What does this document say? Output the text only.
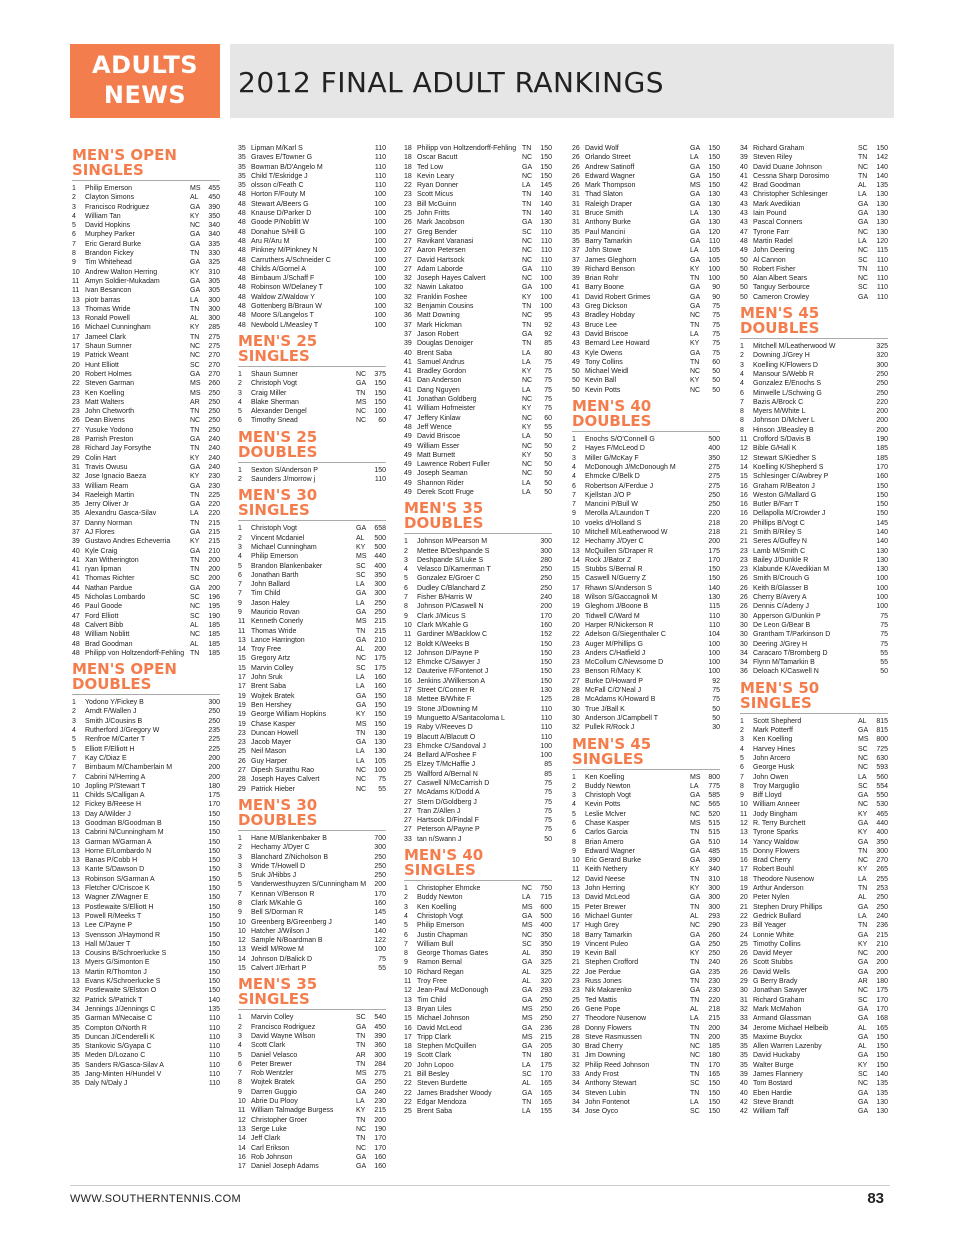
ADULTS
NEWS	2012 FINAL ADULT RANKINGS
MEN'S OPEN SINGLES
1	Philip Emerson	MS 455
2	Clayton Simons	AL 450
3	Francisco Rodriguez	GA 390
4	William Tan	KY 350
5	David Hopkins	NC 340
6	Murphey Parker	GA 340
7	Eric Gerard Burke	GA 335
8	Brandon Fickey	TN 330
9	Tim Whitehead	GA 325
10 Andrew Walton Herring	KY 310
11 Amyn Soldier-Mukadam	GA 305
11 Ivan Besancon	GA 305
13 piotr barras	LA 300
13 Thomas Wride	TN 300
13 Ronald Powell	AL 300
16 Michael Cunningham	KY 285
17 Jameel Clark	TN 275
17 Shaun Sumner	NC 275
19 Patrick Weant	NC 270
20 Hunt Elliott	SC 270
20 Robert Holmes	GA 270
22 Steven Garman	MS 260
23 Ken Koelling	MS 250
23 Matt Walters	AR 250
23 John Chetworth	TN 250
26 Dean Bivens	NC 250
27 Yusuke Yodono	TN 250
28 Parrish Preston	GA 240
28 Richard Jay Forsythe	TN 240
29 Colin Hart	KY 240
31 Travis Owusu	GA 240
32 Jose Ignacio Baeza	KY 230
33 William Ream	GA 230
34 Raeleigh Martin	TN 225
35 Jerry Oliver Jr	GA 220
35 Alexandru Gasca-Silav	LA 220
37 Danny Norman	TN 215
37 AJ Flores	GA 215
39 Gustavo Andres Echeverria	KY 215
40 Kyle Craig	GA 210
41 Xan Witherington	TN 200
41 ryan lipman	TN 200
41 Thomas Richter	SC 200
44 Nathan Pardue	GA 200
45 Nicholas Lombardo	SC 196
46 Paul Goode	NC 195
47 Ford Elliott	SC 190
48 Calvert Bibb	AL 185
48 William Noblitt	NC 185
48 Brad Goodman	AL 185
48 Philipp von Holtzendorff-Fehling TN 185
MEN'S OPEN DOUBLES
1	Yodono Y/Fickey B	300
2	Arndt F/Wallen J	250
3	Smith J/Cousins B	250
4	Rutherford J/Gregory W	235
5	Renfroe M/Carter T	225
5	Elliott F/Elliott H	225
7	Kay C/Diaz E	200
7	Birnbaum M/Chamberlain M	200
7	Cabrini N/Herring A	200
10 Jopling P/Stewart T	180
11 Childs S/Calligan A	175
12 Fickey B/Reese H	170
13 Day A/Wilder J	150
13 Goodman B/Goodman B	150
13 Cabrini N/Cunningham M	150
13 Garman M/Garman A	150
13 Horne E/Lombardo N	150
13 Banas P/Cobb H	150
13 Kante S/Dawson D	150
13 Robinson S/Garman A	150
13 Fletcher C/Criscoe K	150
13 Wagner Z/Wagner E	150
13 Postlewaite S/Elliott H	150
13 Powell R/Meeks T	150
13 Lee C/Payne P	150
13 Svensson J/Haymond R	150
13 Hall M/Jauer T	150
13 Cousins B/Schroerlucke S	150
13 Myers G/Simonton E	150
13 Martin R/Thornton J	150
13 Evans K/Schroerlucke S	150
32 Postlewaite S/Elston O	150
32 Patrick S/Patrick T	140
34 Jennings J/Jennings C	135
35 Garman M/Necaise C	110
35 Compton O/North R	110
35 Duncan J/Cenderelli K	110
35 Stankovic S/Gyapa C	110
35 Meden D/Lozano C	110
35 Sanders R/Gasca-Silav A	110
35 Jang-Minten H/Hundel V	110
35 Daly N/Daly J	110
35 Lipman M/Karl S	110
35 Graves E/Towner G	110
35 Bowman B/D'Angelo M	110
35 Child T/Eskridge J	110
35 olsson c/Feath C	110
48 Horton F/Fouty M	100
48 Stewart A/Beers G	100
48 Knause D/Parker D	100
48 Goode P/Noblitt W	100
48 Donahue S/Hill G	100
48 Aru R/Aru M	100
48 Pinkney M/Pinkney N	100
48 Carruthers A/Schneider C	100
48 Childs A/Gornel A	100
48 Birnbaum J/Schaff F	100
48 Robinson W/Delaney T	100
48 Waldow Z/Waldow Y	100
48 Gottenberg B/Braun W	100
48 Moore S/Langelos T	100
48 Newbold L/Measley T	100
MEN'S 25 SINGLES
1	Shaun Sumner	NC 375
2	Christoph Vogt	GA 150
3	Craig Miller	TN 150
4	Blake Sherman	MS 150
5	Alexander Dengel	NC 100
6	Timothy Snead	NC 60
MEN'S 25 DOUBLES
1	Sexton S/Anderson P	150
2	Saunders J/morrow j	110
MEN'S 30 SINGLES
1	Christoph Vogt	GA 658
2	Vincent Mcdaniel	AL 500
3	Michael Cunningham	KY 500
4	Philip Emerson	MS 440
5	Brandon Blankenbaker	SC 400
6	Jonathan Barth	SC 350
7	John Ballard	LA 300
7	Tim Child	GA 300
9	Jason Haley	LA 250
9	Mauricio Rovan	GA 250
11 Kenneth Conerly	MS 215
11 Thomas Wride	TN 215
13 Lance Harrington	GA 210
14 Troy Free	AL 200
15 Gregory Artz	NC 175
15 Marvin Colley	SC 175
17 John Sruk	LA 160
17 Brent Saba	LA 160
19 Wojtek Bratek	GA 150
19 Ben Hershey	GA 150
19 George William Hopkins	KY 150
19 Chase Kasper	MS 150
23 Duncan Howell	TN 130
23 Jacob Mayer	GA 130
25 Neil Mason	LA 130
26 Guy Harper	LA 105
27 Dipesh Surathu Rao	NC 100
28 Joseph Hayes Calvert	NC 75
29 Patrick Hieber	NC 55
MEN'S 30 DOUBLES
1	Hane M/Blankenbaker B	700
2	Hechamy J/Dyer C	300
3	Blanchard Z/Nicholson B	250
3	Wride T/Howell D	250
5	Sruk J/Hibbs J	250
5	Vanderwesthuyzen S/Cunningham M 200
7	Kennan V/Benson R	170
8	Clark M/Kahle G	160
9	Bell S/Dorman R	145
10 Greenberg B/Greenberg J	140
10 Hatcher J/Wilson J	140
12 Sample N/Boardman B	122
13 Weidl M/Rowe M	100
14 Johnson D/Balick D	75
15 Calvert J/Erhart P	55
MEN'S 35 SINGLES
1	Marvin Colley	SC 540
2	Francisco Rodriguez	GA 450
3	David Wayne Wilson	TN 390
4	Scott Clark	TN 360
5	Daniel Velasco	AR 300
6	Peter Brewer	TN 284
7	Rob Wentzler	MS 275
8	Wojtek Bratek	GA 250
9	Darren Guggio	GA 240
10 Abrie Du Plooy	LA 230
11 William Talmadge Burgess	KY 215
12 Christopher Groer	TN 200
13 Serge Luke	NC 190
14 Jeff Clark	TN 170
14 Carl Erikson	NC 170
16 Rob Johnson	GA 160
17 Daniel Joseph Adams	GA 160
18 Philipp von Holtzendorff-Fehling TN 150
18 Oscar Bacutt	NC 150
18 Ted Low	GA 150
18 Kevin Leary	NC 150
22 Ryan Donner	LA 145
23 Scott Micus	TN 140
23 Bill McGuinn	TN 140
25 John Fritts	TN 140
26 Mark Jacobson	GA 130
27 Greg Bender	SC 110
27 Ravikant Varanasi	NC 110
27 Aaron Petersen	NC 110
27 David Hartsock	NC 110
27 Adam Laborde	GA 110
32 Joseph Hayes Calvert	NC 100
32 Nawin Lakatoo	GA 100
32 Franklin Foshee	KY 100
32 Benjamin Cousins	TN 100
36 Matt Downing	NC 95
37 Mark Hickman	TN 92
37 Jason Robert	GA 92
39 Douglas Denoiger	TN 85
40 Brent Saba	LA 80
41 Samuel Andrus	LA 75
41 Bradley Gordon	KY 75
41 Dan Anderson	NC 75
41 Dang Nguyen	LA 75
41 Jonathan Goldberg	NC 75
41 William Hofmeister	KY 75
47 Jeffery Kinlaw	NC 60
48 Jeff Wence	KY 55
49 David Briscoe	LA 50
49 William Esser	NC 50
49 Matt Burnett	KY 50
49 Lawrence Robert Fuller	NC 50
49 Joseph Seaman	NC 50
49 Shannon Rider	LA 50
49 Derek Scott Fruge	LA 50
MEN'S 35 DOUBLES
1	Johnson M/Pearson M	300
2	Mettee B/Deshpande S	300
3	Deshpande S/Luke S	280
4	Velasco D/Kamerman T	250
5	Gonzalez E/Groer C	250
6	Dudley C/Blanchard Z	250
7	Fisher B/Harris W	240
8	Johnson P/Caswell N	200
9	Clark J/Micus S	170
10 Clark M/Kahle G	160
11 Gardiner M/Backlow C	152
12 Boldt K/Weeks B	150
12 Johnson D/Payne P	150
12 Ehmcke C/Sawyer J	150
12 Dauterive F/Fontenot J	150
16 Jenkins J/Wilkerson A	150
17 Street C/Conner R	130
18 Mettee B/White F	125
19 Stone J/Downing M	110
19 Munguetto A/Santacoloma L	110
19 Raby V/Reeves D	110
19 Blacutt A/Blacutt O	110
23 Ehmcke C/Sandoval J	100
24 Bellard A/Foshee F	100
25 Elzey T/McHaffie J	85
25 Wallford A/Bernal N	85
27 Caswell N/McCarrish D	75
27 McAdams K/Dodd A	75
27 Stern D/Goldberg J	75
27 Tran Z/Allen J	75
27 Hartsock D/Findal F	75
27 Peterson A/Payne P	75
33 tan n/Swann J	50
MEN'S 40 SINGLES
1	Christopher Ehmcke	NC 750
2	Buddy Newton	LA 715
3	Ken Koelling	MS 600
4	Christoph Vogt	GA 500
5	Philip Emerson	MS 400
6	Justin Chapman	NC 350
7	William Bull	SC 350
8	George Thomas Gates	AL 350
9	Ramon Bernal	GA 325
10 Richard Regan	AL 325
11 Troy Free	AL 320
12 Jean-Paul McDonough	GA 293
13 Tim Child	GA 250
13 Bryan Liles	MS 250
15 Michael Johnson	MS 250
16 David McLeod	GA 236
17 Tripp Clark	MS 215
18 Stephen McQuillen	GA 205
19 Scott Clark	TN 180
20 John Lopoo	LA 175
21 Bill Besley	SC 170
22 Steven Burdette	AL 165
22 James Bradsher Woody	GA 165
22 Edgar Mendoza	TN 165
25 Brent Saba	LA 155
26 David Wolf	GA 150
26 Orlando Street	LA 150
26 Andrew Satinoff	GA 150
26 Edward Wagner	GA 150
26 Mark Thompson	MS 150
31 Thad Slaton	GA 130
31 Raleigh Draper	GA 130
31 Bruce Smith	LA 130
31 Anthony Burke	GA 130
35 Paul Mancini	GA 120
35 Barry Tamarkin	GA 110
37 John Stowe	LA 105
37 James Gleghorn	GA 105
39 Richard Benson	KY 100
39 Brian Rohr	TN 100
41 Barry Boone	GA 90
41 David Robert Grimes	GA 90
43 Greg Dickson	GA 75
43 Bradley Hobday	NC 75
43 Bruce Lee	TN 75
43 David Briscoe	LA 75
43 Bernard Lee Howard	KY 75
43 Kyle Owens	GA 75
49 Tony Collins	TN 60
50 Michael Weidl	NC 50
50 Kevin Ball	KY 50
50 Kevin Potts	NC 50
MEN'S 40 DOUBLES
1	Enochs S/O'Connell G	500
2	Hayes F/McLeod D	400
3	Miller G/McKay F	350
4	McDonough J/McDonough M	275
4	Ehmcke C/Belk D	275
6	Robertson A/Ferdue J	275
7	Kjellstan J/O P	250
7	Mancini P/Bull W	250
9	Merolla A/Laundon T	220
10 voeks d/Holland S	218
10 Mitchell M/Leatherwood W	218
12 Hechamy J/Dyer C	200
13 McQuillen S/Draper R	175
14 Rock J/Bator Z	170
15 Stubbs S/Bernal R	150
15 Caswell N/Guerry Z	150
17 Rhawn S/Anderson S	140
18 Wilson S/Gaccagnoli M	130
19 Gleghorn J/Boone B	115
20 Tidwell C/Ward M	110
20 Harper R/Nickerson R	110
22 Adelson G/Siegenthaler C	104
23 Auger M/Phillips G	100
23 Anders C/Hatfield J	100
23 McCollum C/Newsome D	100
23 Benson R/Macy K	100
27 Burke D/Howard P	92
28 McFall C/O'Neal J	75
28 McAdams K/Howard B	75
30 True J/Ball K	50
30 Anderson J/Campbell T	50
32 Pullek R/Rock J	30
MEN'S 45 SINGLES
1	Ken Koelling	MS 800
2	Buddy Newton	LA 775
3	Christoph Vogt	GA 585
4	Kevin Potts	NC 565
5	Leslie Mclver	NC 520
6	Chase Kasper	MS 515
6	Carlos Garcia	TN 515
8	Brian Amero	GA 510
9	Edward Wagner	GA 485
10 Eric Gerard Burke	GA 390
11 Keith Nethery	KY 340
12 David Neese	TN 310
13 John Herring	KY 300
13 David McLeod	GA 300
15 Peter Brewer	TN 300
16 Michael Gunter	AL 293
17 Hugh Grey	NC 290
18 Barry Tamarkin	GA 260
19 Vincent Puleo	GA 250
19 Kevin Ball	KY 250
21 Stephen Crofford	TN 240
22 Joe Perdue	GA 235
23 Russ Jones	TN 230
23 Nik Makarenko	GA 230
25 Ted Mattis	TN 220
26 Gene Pope	AL 218
27 Theodore Nusenow	LA 215
28 Donny Flowers	TN 200
28 Steve Rasmussen	TN 200
30 Brad Cherry	NC 185
31 Jim Downing	NC 180
32 Philip Reed Johnson	TN 170
33 Andy Frost	TN 165
34 Anthony Stewart	SC 150
34 Steven Lubin	TN 150
34 John Fontenot	LA 150
34 Jose Oyco	SC 150
34 Richard Graham	SC 150
39 Steven Riley	TN 142
40 David Duane Johnson	NC 140
41 Cessna Sharp Dorosimo	TN 140
42 Brad Goodman	AL 135
43 Christopher Schlesinger	LA 130
43 Mark Avedikian	GA 130
43 Iain Pound	GA 130
43 Pascal Conners	GA 130
47 Tyrone Farr	NC 130
48 Martin Radel	LA 120
49 John Deering	NC 115
50 Al Cannon	SC 110
50 Robert Fisher	TN 110
50 Alan Albert Sears	NC 110
50 Tanguy Serbource	SC 110
50 Cameron Crowley	GA 110
MEN'S 45 DOUBLES
1	Mitchell M/Leatherwood W	325
2	Downing J/Grey H	320
3	Koelling K/Flowers D	300
4	Mansour S/Webb R	250
4	Gonzalez E/Enochs S	250
6	Minwelle L/Schwing G	250
7	Bazis A/Brock C	220
8	Myers M/White L	200
8	Johnson D/Mclver L	200
8	Hinson J/Beasley B	200
11 Crofford S/Davis B	190
12 Bible G/Hall K	185
12 Stewart S/Kiedher S	185
14 Koelling K/Shepherd S	170
15 Schlesinger C/Awbrey P	160
16 Graham R/Beaton J	150
16 Weston G/Mallard G	150
16 Butler B/Farr T	150
16 Dellapolla M/Crowder J	150
20 Phillips B/Vogt C	145
21 Smith B/Riley S	140
21 Seres A/Guffey N	140
23 Lamb M/Smith C	130
23 Bailey J/Dunkle R	130
23 Klabunde K/Avedikian M	130
26 Smith B/Crouch G	100
26 Keith B/Glasser B	100
26 Cherry B/Avery A	100
26 Dennis C/Adeny J	100
30 Apperson G/Dunkin P	75
30 De Leon G/Bear B	75
30 Grantham T/Parkinson D	75
30 Deering J/Grey H	75
34 Caracaro T/Bromberg D	55
34 Flynn M/Tamarkin B	55
36 Deloach K/Caswell N	50
MEN'S 50 SINGLES
1	Scott Shepherd	AL 815
2	Mark Potterff	GA 815
3	Ken Koelling	MS 800
4	Harvey Hines	SC 725
5	John Arcero	NC 630
6	George Husk	NC 593
7	John Owen	LA 560
8	Troy Marguglio	SC 554
9	Biff Lloyd	GA 550
10 William Anneer	NC 530
11 Jody Bingham	KY 465
12 R. Terry Burchett	GA 440
13 Tyrone Sparks	KY 400
14 Yancy Waldow	GA 350
15 Donny Flowers	TN 300
16 Brad Cherry	NC 270
17 Robert Bouhl	KY 265
18 Theodore Nusenow	LA 255
19 Arthur Anderson	TN 253
20 Peter Nylen	AL 250
21 Stephen Drury Phillips	GA 250
22 Gedrick Bullard	LA 240
23 Bill Yeager	TN 236
24 Lonnie White	GA 215
25 Timothy Collins	KY 210
26 David Meyer	NC 200
26 Scott Stubbs	GA 200
26 David Wells	GA 200
29 G Berry Brady	AR 180
30 Jonathan Sawyer	NC 175
31 Richard Graham	SC 170
32 Mark McMahon	GA 170
33 Armand Glassman	GA 168
34 Jerome Michael Helbeib	AL 165
35 Maxime Buyckx	GA 150
35 Allen Warren Lazenby	AL 150
35 David Huckaby	GA 150
35 Walter Burge	KY 150
39 James Flannery	SC 140
40 Tom Bostard	NC 135
40 Eben Hardie	GA 135
42 Steve Brandt	GA 130
42 William Taff	GA 130
WWW.SOUTHERNTENNIS.COM	83
